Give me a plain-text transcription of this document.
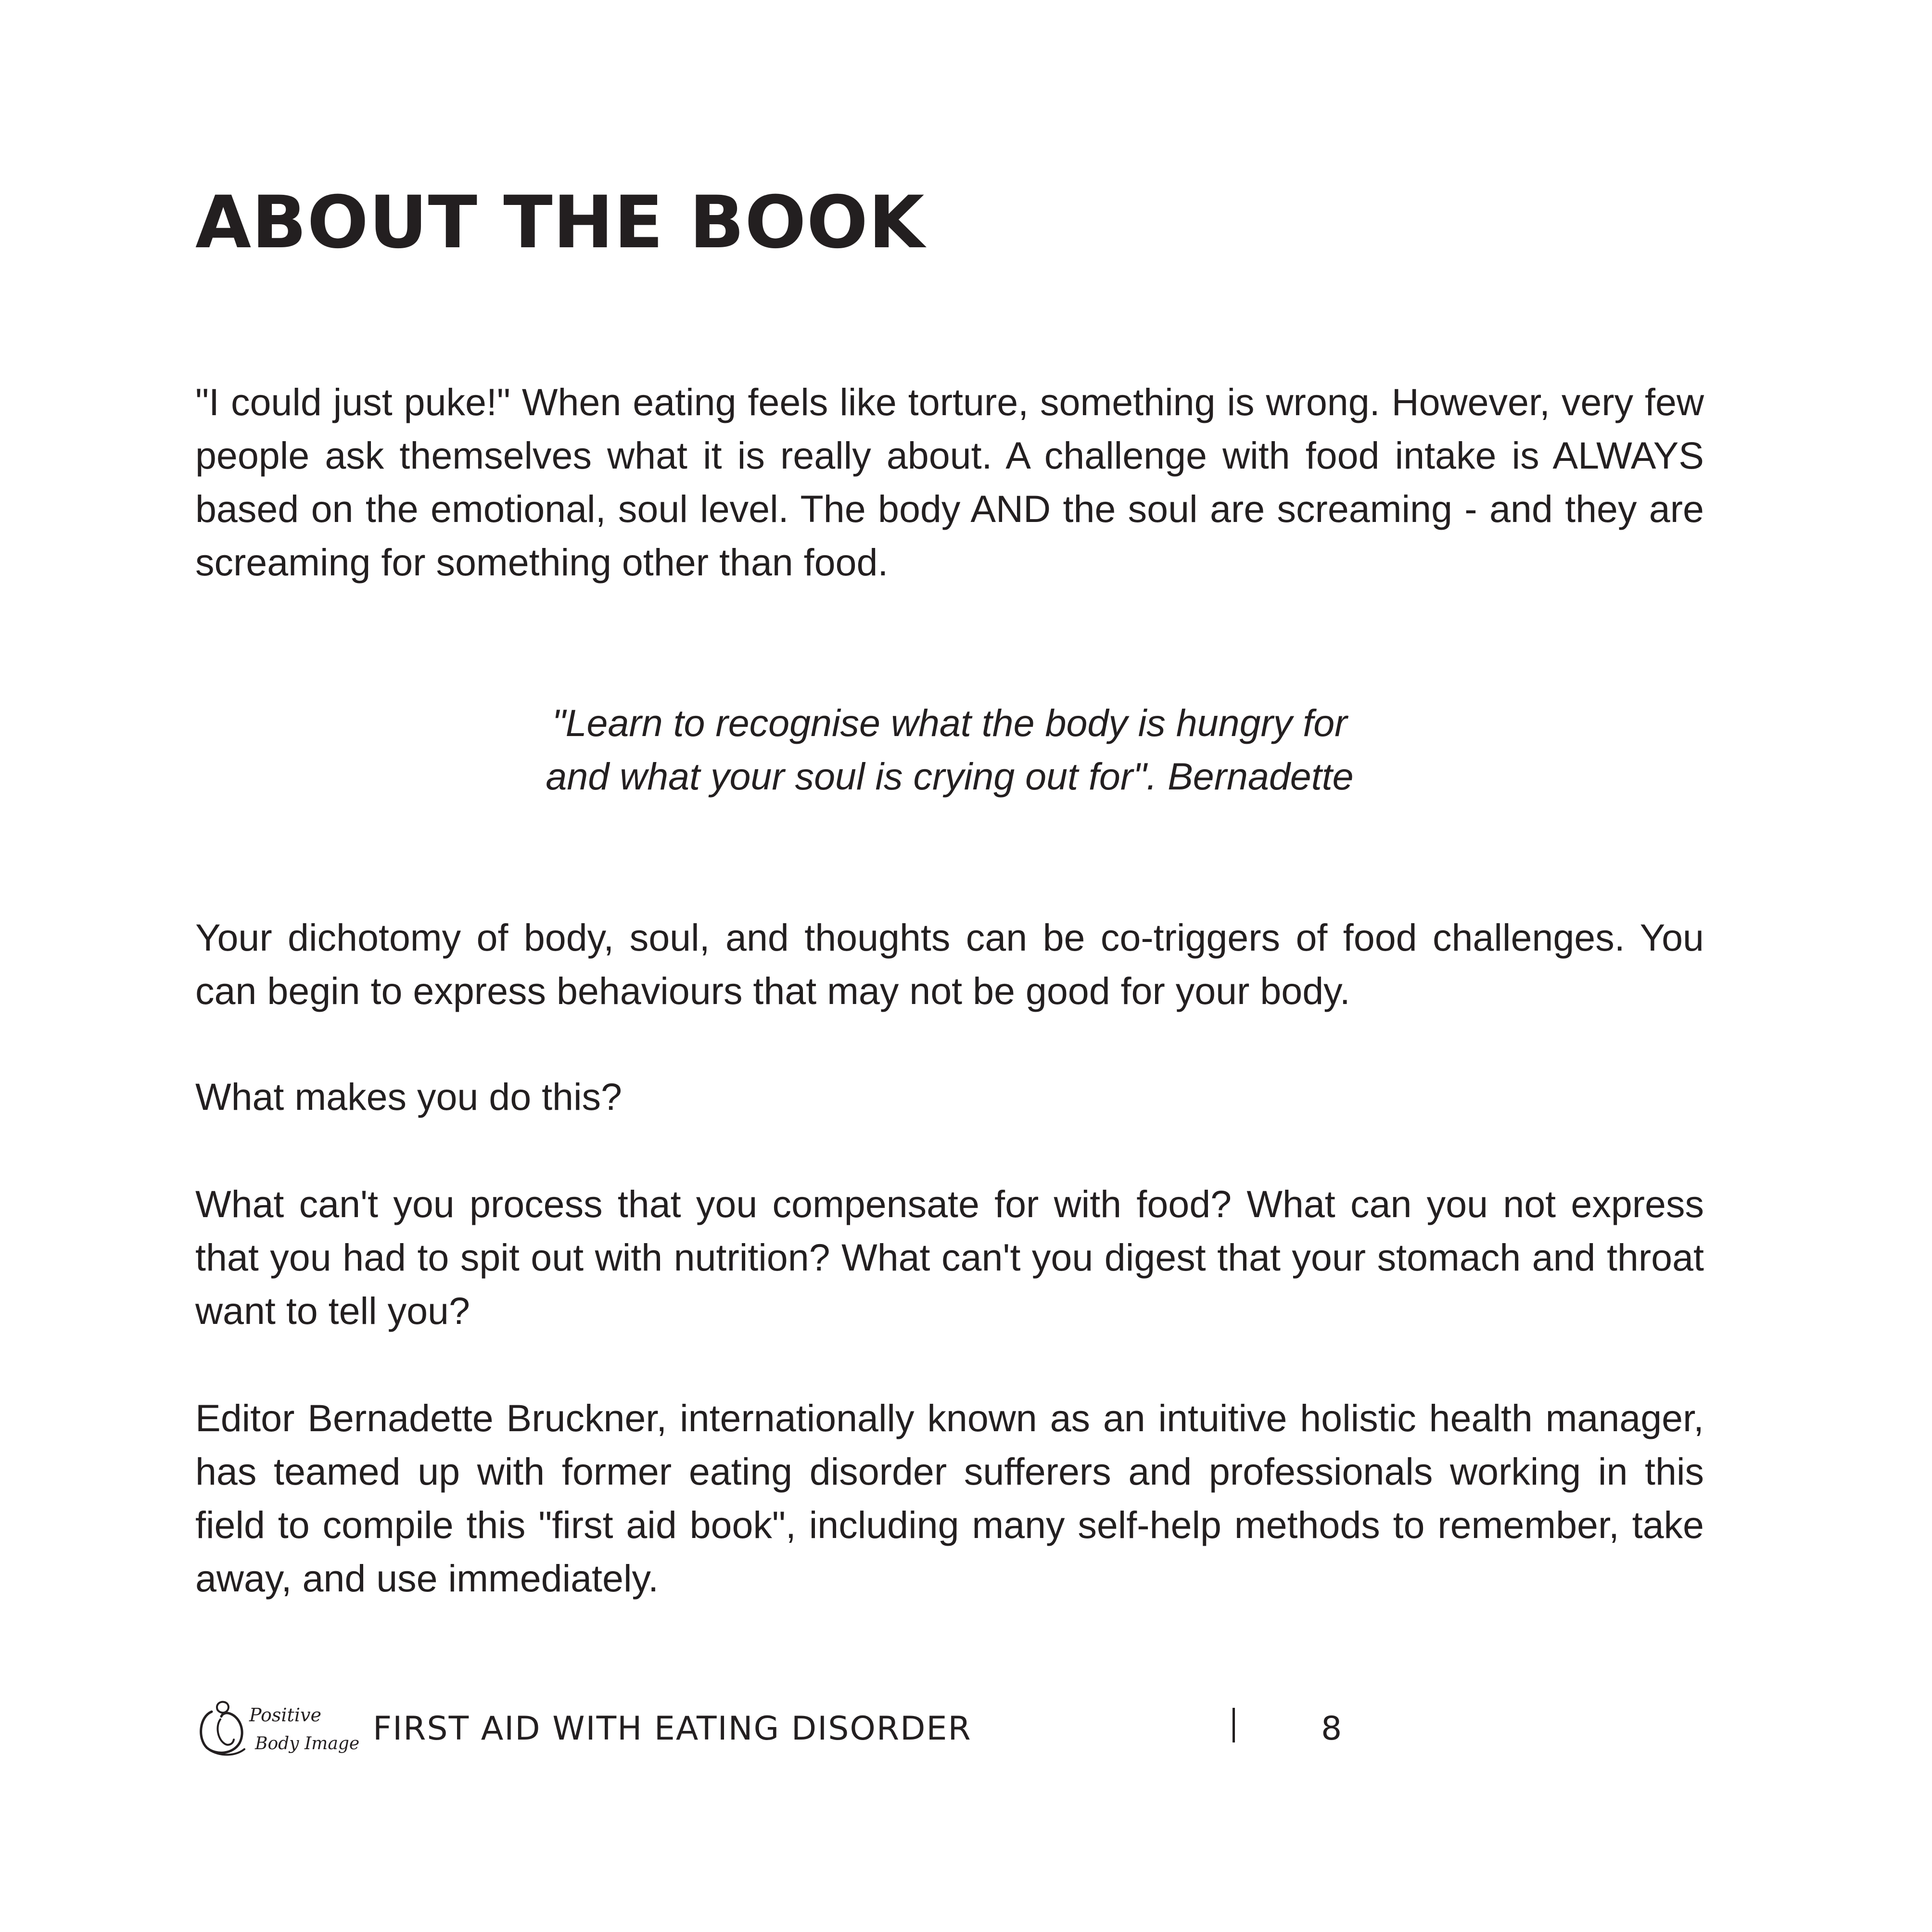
ABOUT THE BOOK

"I could just puke!" When eating feels like torture, something is wrong. However, very few people ask themselves what it is really about. A challenge with food intake is ALWAYS based on the emotional, soul level. The body AND the soul are screaming - and they are screaming for something other than food.

"Learn to recognise what the body is hungry for
and what your soul is crying out for". Bernadette

Your dichotomy of body, soul, and thoughts can be co-triggers of food challenges. You can begin to express behaviours that may not be good for your body.

What makes you do this?

What can't you process that you compensate for with food? What can you not express that you had to spit out with nutrition? What can't you digest that your stomach and throat want to tell you?

Editor Bernadette Bruckner, internationally known as an intuitive holistic health manager, has teamed up with former eating disorder sufferers and professionals working in this field to compile this "first aid book", including many self-help methods to remember, take away, and use immediately.

Positive
Body Image FIRST AID WITH EATING DISORDER	8
